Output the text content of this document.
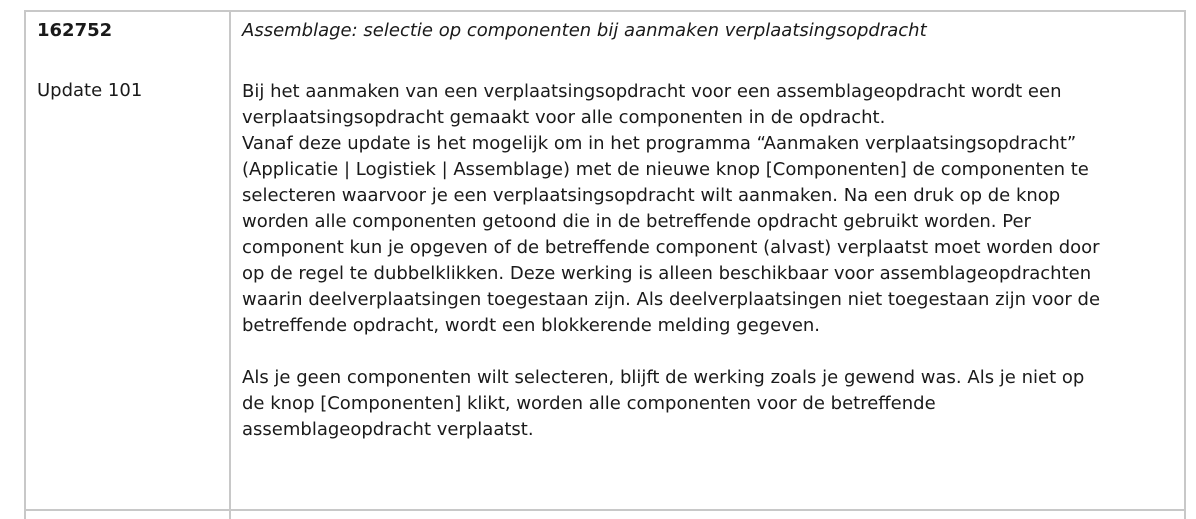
162752

Update 101

Assemblage: selectie op componenten bij aanmaken verplaatsingsopdracht

Bij het aanmaken van een verplaatsingsopdracht voor een assemblageopdracht wordt een
verplaatsingsopdracht gemaakt voor alle componenten in de opdracht.
Vanaf deze update is het mogelijk om in het programma “Aanmaken verplaatsingsopdracht”
(Applicatie | Logistiek | Assemblage) met de nieuwe knop [Componenten] de componenten te
selecteren waarvoor je een verplaatsingsopdracht wilt aanmaken. Na een druk op de knop
worden alle componenten getoond die in de betreffende opdracht gebruikt worden. Per
component kun je opgeven of de betreffende component (alvast) verplaatst moet worden door
op de regel te dubbelklikken. Deze werking is alleen beschikbaar voor assemblageopdrachten
waarin deelverplaatsingen toegestaan zijn. Als deelverplaatsingen niet toegestaan zijn voor de
betreffende opdracht, wordt een blokkerende melding gegeven.

Als je geen componenten wilt selecteren, blijft de werking zoals je gewend was. Als je niet op
de knop [Componenten] klikt, worden alle componenten voor de betreffende
assemblageopdracht verplaatst.
